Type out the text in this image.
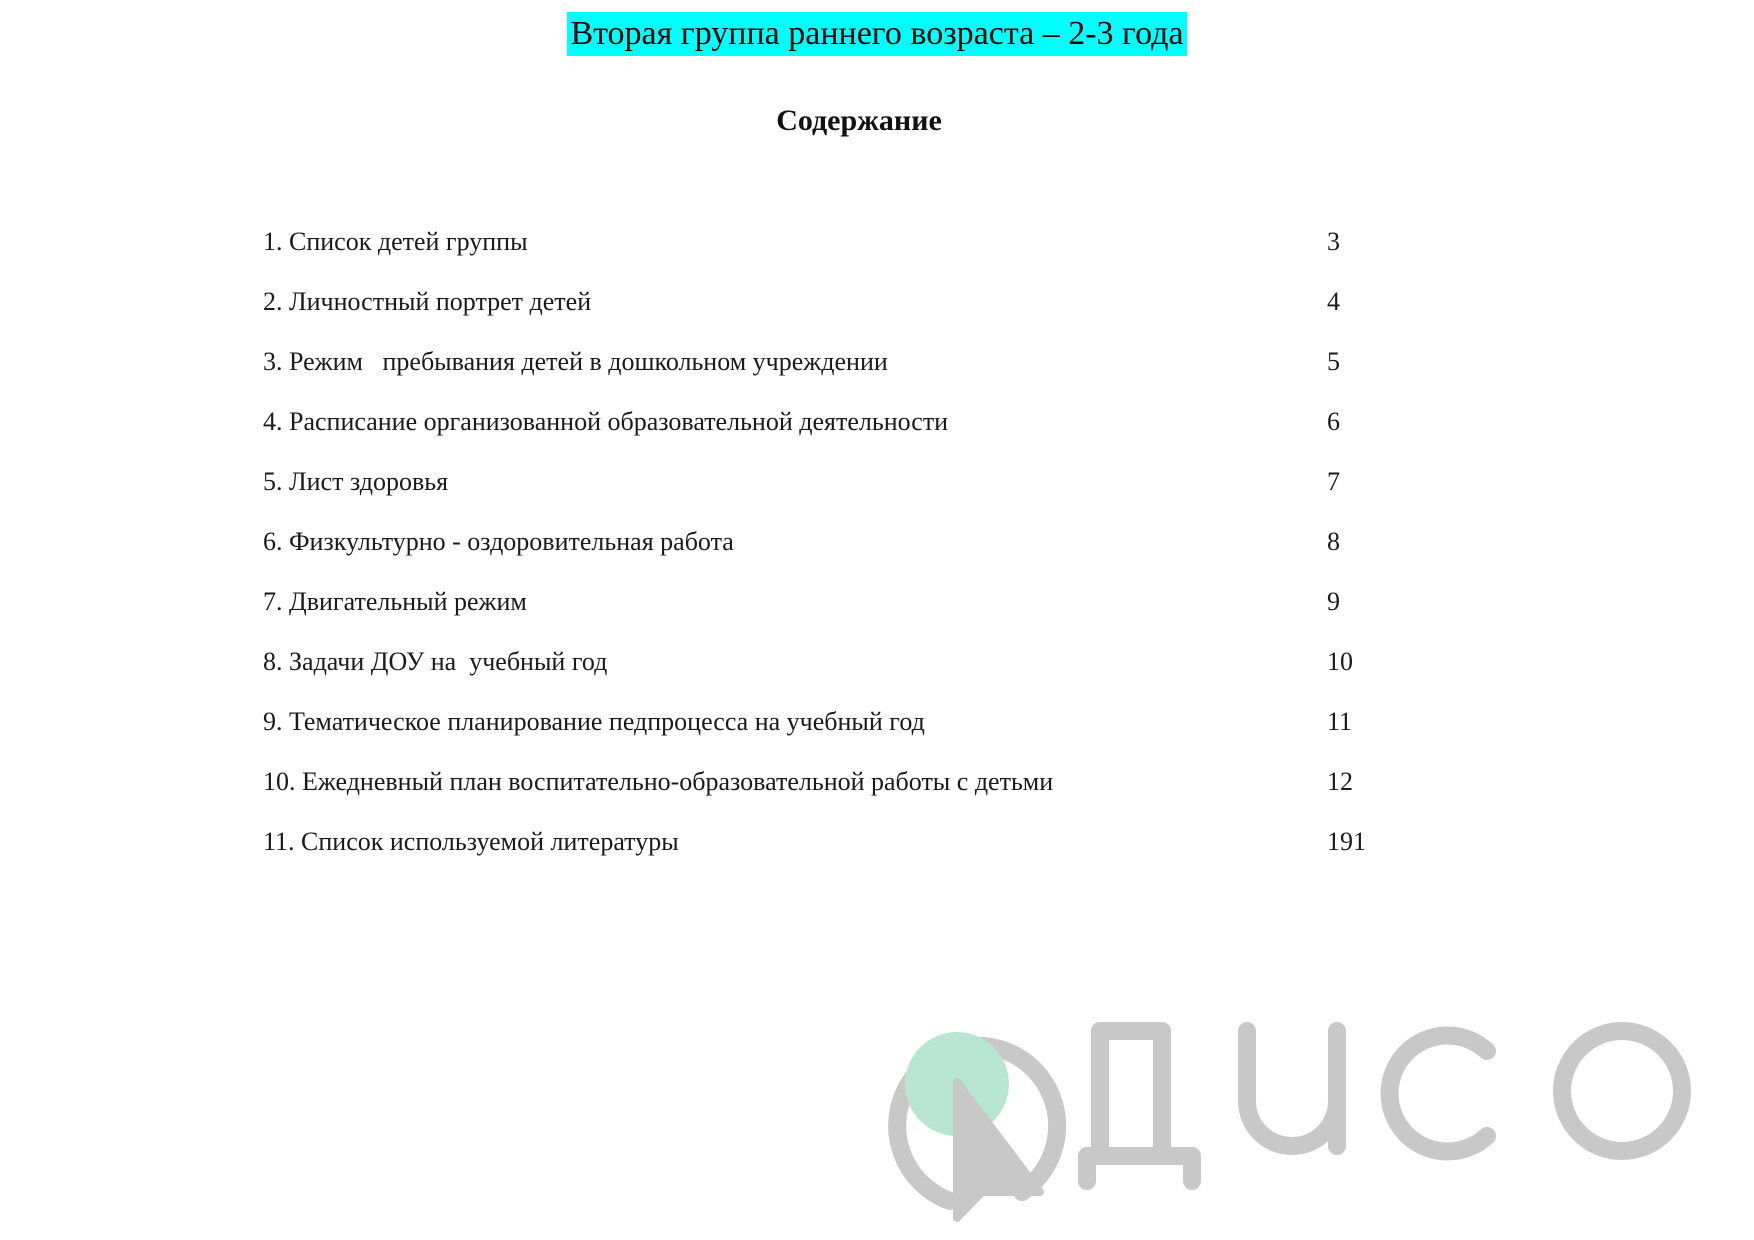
Вторая группа раннего возраста – 2-3 года
Содержание
1. Список детей группы	3
2. Личностный портрет детей	4
3. Режим   пребывания детей в дошкольном учреждении	5
4. Расписание организованной образовательной деятельности	6
5. Лист здоровья	7
6. Физкультурно - оздоровительная работа	8
7. Двигательный режим	9
8. Задачи ДОУ на  учебный год	10
9. Тематическое планирование педпроцесса на учебный год	11
10. Ежедневный план воспитательно-образовательной работы с детьми	12
11. Список используемой литературы	191
